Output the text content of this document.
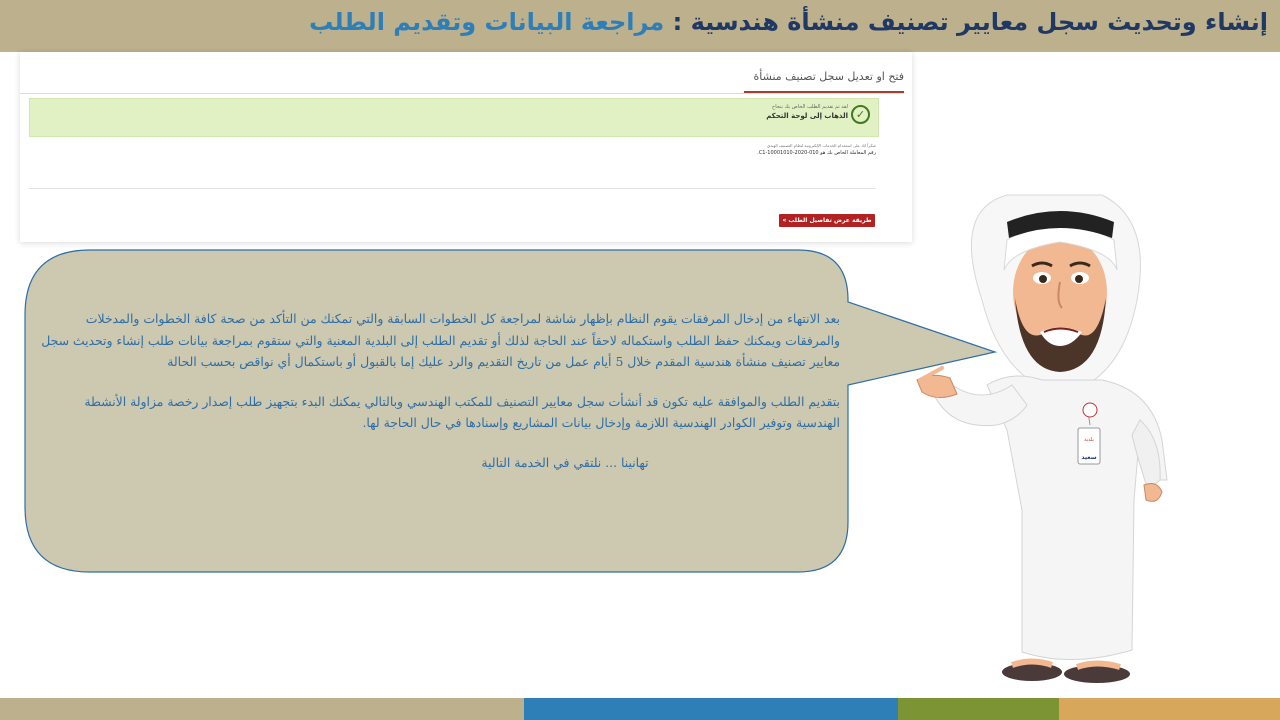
إنشاء وتحديث سجل معايير تصنيف منشأة هندسية : مراجعة البيانات وتقديم الطلب
فتح او تعديل سجل تصنيف منشأة
✓
لقد تم تقديم الطلب الخاص بك بنجاح
الذهاب إلى لوحة التحكم
شكراً لك على استخدام الخدمات الإلكترونية لنظام التصنيف الهندي
رقم المعاملة الخاص بك هو C1-10001010-2020-010.
طريقة عرض تفاصيل الطلب »

بعد الانتهاء من إدخال المرفقات يقوم النظام بإظهار شاشة لمراجعة كل الخطوات السابقة والتي تمكنك من التأكد من صحة كافة الخطوات والمدخلات والمرفقات ويمكنك حفظ الطلب واستكماله لاحقاً عند الحاجة لذلك أو تقديم الطلب إلى البلدية المعنية والتي ستقوم بمراجعة بيانات طلب إنشاء وتحديث سجل معايير تصنيف منشأة هندسية المقدم خلال 5 أيام عمل من تاريخ التقديم والرد عليك إما بالقبول أو باستكمال أي نواقص بحسب الحالة

بتقديم الطلب والموافقة عليه تكون قد أنشأت سجل معايير التصنيف للمكتب الهندسي وبالتالي يمكنك البدء بتجهيز طلب إصدار رخصة مزاولة الأنشطة الهندسية وتوفير الكوادر الهندسية اللازمة وإدخال بيانات المشاريع وإسنادها في حال الحاجة لها.

تهانينا ... نلتقي في الخدمة التالية

بلدية
سعيد
